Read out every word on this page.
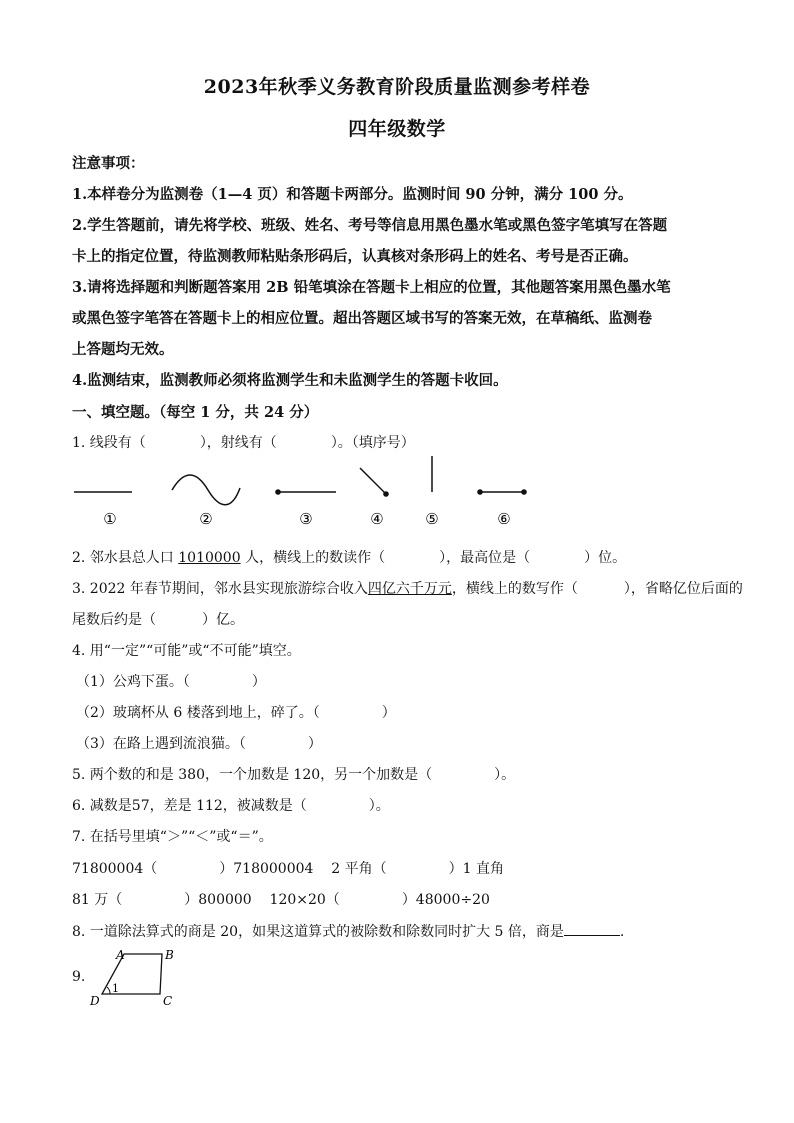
2023年秋季义务教育阶段质量监测参考样卷
四年级数学
注意事项：
1.本样卷分为监测卷（1—4 页）和答题卡两部分。监测时间 90 分钟，满分 100 分。
2.学生答题前，请先将学校、班级、姓名、考号等信息用黑色墨水笔或黑色签字笔填写在答题
卡上的指定位置，待监测教师粘贴条形码后，认真核对条形码上的姓名、考号是否正确。
3.请将选择题和判断题答案用 2B 铅笔填涂在答题卡上相应的位置，其他题答案用黑色墨水笔
或黑色签字笔答在答题卡上的相应位置。超出答题区域书写的答案无效，在草稿纸、监测卷
上答题均无效。
4.监测结束，监测教师必须将监测学生和未监测学生的答题卡收回。
一、填空题。（每空 1 分，共 24 分）
1. 线段有（	），射线有（	）。（填序号）
①	②	③	④	⑤	⑥
2. 邻水县总人口 1010000 人，横线上的数读作（	），最高位是（	）位。
3. 2022 年春节期间，邻水县实现旅游综合收入四亿六千万元，横线上的数写作（	），省略亿位后面的
尾数后约是（	）亿。
4. 用“一定”“可能”或“不可能”填空。
（1）公鸡下蛋。（	）
（2）玻璃杯从 6 楼落到地上，碎了。（	）
（3）在路上遇到流浪猫。（	）
5. 两个数的和是 380，一个加数是 120，另一个加数是（	）。
6. 减数是57，差是 112，被减数是（	）。
7. 在括号里填“＞”“＜”或“＝”。
71800004（	）718000004 2 平角（	）1 直角
81 万（	）800000 120×20（	）48000÷20
8. 一道除法算式的商是 20，如果这道算式的被除数和除数同时扩大 5 倍，商是	.
9.
A	B
C
D
1
